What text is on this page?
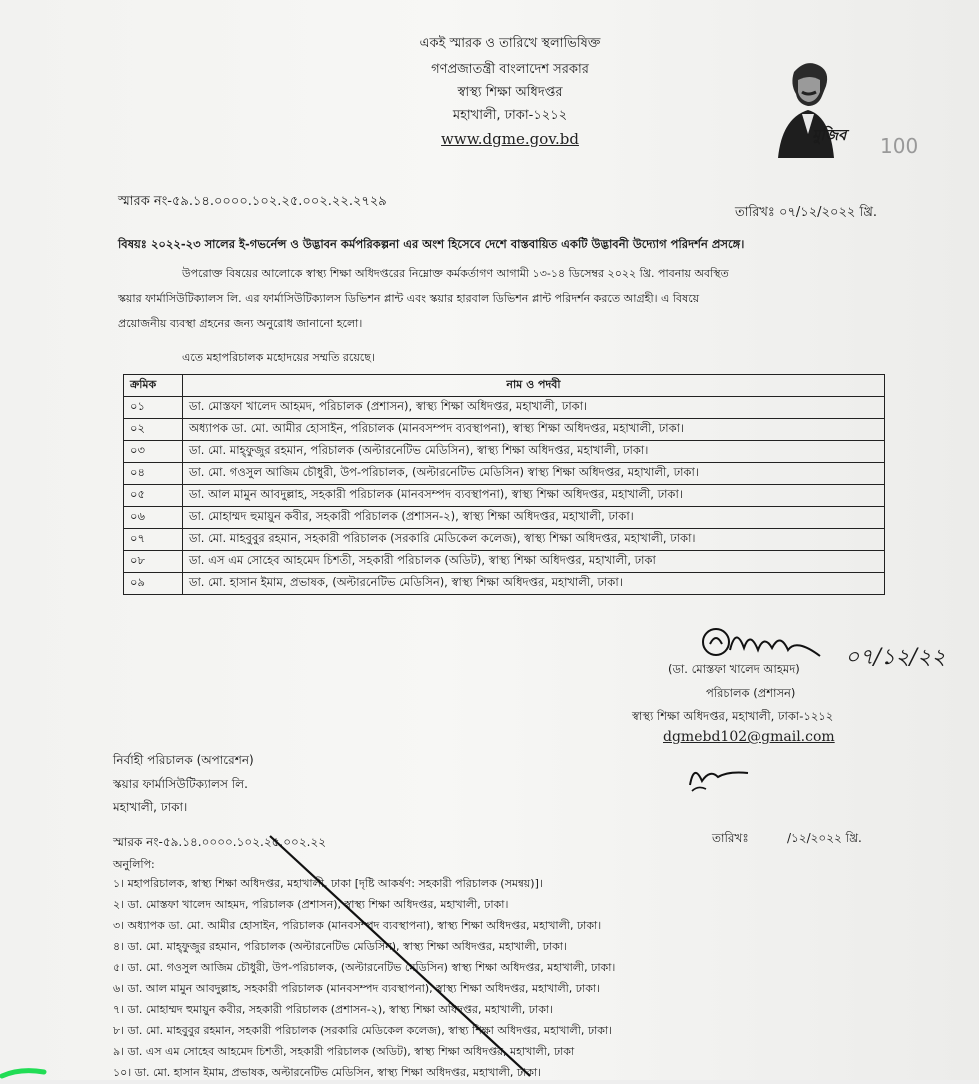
একই স্মারক ও তারিখে স্থলাভিষিক্ত
গণপ্রজাতন্ত্রী বাংলাদেশ সরকার
স্বাস্থ্য শিক্ষা অধিদপ্তর
মহাখালী, ঢাকা-১২১২
www.dgme.gov.bd	মুজিব 100
স্মারক নং-৫৯.১৪.০০০০.১০২.২৫.০০২.২২.২৭২৯
তারিখঃ ০৭/১২/২০২২ খ্রি.
বিষয়ঃ ২০২২-২৩ সালের ই-গভর্নেন্স ও উদ্ভাবন কর্মপরিকল্পনা এর অংশ হিসেবে দেশে বাস্তবায়িত একটি উদ্ভাবনী উদ্যোগ পরিদর্শন প্রসঙ্গে।
উপরোক্ত বিষয়ের আলোকে স্বাস্থ্য শিক্ষা অধিদপ্তরের নিম্নোক্ত কর্মকর্তাগণ আগামী ১৩-১৪ ডিসেম্বর ২০২২ খ্রি. পাবনায় অবস্থিত
স্কয়ার ফার্মাসিউটিক্যালস লি. এর ফার্মাসিউটিক্যালস ডিভিশন প্লান্ট এবং স্কয়ার হারবাল ডিভিশন প্লান্ট পরিদর্শন করতে আগ্রহী। এ বিষয়ে
প্রয়োজনীয় ব্যবস্থা গ্রহনের জন্য অনুরোধ জানানো হলো।
এতে মহাপরিচালক মহোদয়ের সম্মতি রয়েছে।
ক্রমিক	নাম ও পদবী
০১	ডা. মোস্তফা খালেদ আহমদ, পরিচালক (প্রশাসন), স্বাস্থ্য শিক্ষা অধিদপ্তর, মহাখালী, ঢাকা।
০২	অধ্যাপক ডা. মো. আমীর হোসাইন, পরিচালক (মানবসম্পদ ব্যবস্থাপনা), স্বাস্থ্য শিক্ষা অধিদপ্তর, মহাখালী, ঢাকা।
০৩	ডা. মো. মাহ্ফুজুর রহমান, পরিচালক (অল্টারনেটিভ মেডিসিন), স্বাস্থ্য শিক্ষা অধিদপ্তর, মহাখালী, ঢাকা।
০৪	ডা. মো. গওসুল আজিম চৌধুরী, উপ-পরিচালক, (অল্টারনেটিভ মেডিসিন) স্বাস্থ্য শিক্ষা অধিদপ্তর, মহাখালী, ঢাকা।
০৫	ডা. আল মামুন আবদুল্লাহ, সহকারী পরিচালক (মানবসম্পদ ব্যবস্থাপনা), স্বাস্থ্য শিক্ষা অধিদপ্তর, মহাখালী, ঢাকা।
০৬	ডা. মোহাম্মদ হুমায়ুন কবীর, সহকারী পরিচালক (প্রশাসন-২), স্বাস্থ্য শিক্ষা অধিদপ্তর, মহাখালী, ঢাকা।
০৭	ডা. মো. মাহবুবুর রহমান, সহকারী পরিচালক (সরকারি মেডিকেল কলেজ), স্বাস্থ্য শিক্ষা অধিদপ্তর, মহাখালী, ঢাকা।
০৮	ডা. এস এম সোহেব আহমেদ চিশতী, সহকারী পরিচালক (অডিট), স্বাস্থ্য শিক্ষা অধিদপ্তর, মহাখালী, ঢাকা
০৯	ডা. মো. হাসান ইমাম, প্রভাষক, (অল্টারনেটিভ মেডিসিন), স্বাস্থ্য শিক্ষা অধিদপ্তর, মহাখালী, ঢাকা।
০৭/১২/২২
(ডা. মোস্তফা খালেদ আহমদ)
পরিচালক (প্রশাসন)
স্বাস্থ্য শিক্ষা অধিদপ্তর, মহাখালী, ঢাকা-১২১২
dgmebd102@gmail.com
নির্বাহী পরিচালক (অপারেশন)
স্কয়ার ফার্মাসিউটিক্যালস লি.
মহাখালী, ঢাকা।
স্মারক নং-৫৯.১৪.০০০০.১০২.২৫.০০২.২২	তারিখঃ          /১২/২০২২ খ্রি.
অনুলিপি:
১। মহাপরিচালক, স্বাস্থ্য শিক্ষা অধিদপ্তর, মহাখালী, ঢাকা [দৃষ্টি আকর্ষণ: সহকারী পরিচালক (সমন্বয়)]।
২। ডা. মোস্তফা খালেদ আহমদ, পরিচালক (প্রশাসন), স্বাস্থ্য শিক্ষা অধিদপ্তর, মহাখালী, ঢাকা।
৩। অধ্যাপক ডা. মো. আমীর হোসাইন, পরিচালক (মানবসম্পদ ব্যবস্থাপনা), স্বাস্থ্য শিক্ষা অধিদপ্তর, মহাখালী, ঢাকা।
৪। ডা. মো. মাহ্ফুজুর রহমান, পরিচালক (অল্টারনেটিভ মেডিসিন), স্বাস্থ্য শিক্ষা অধিদপ্তর, মহাখালী, ঢাকা।
৫। ডা. মো. গওসুল আজিম চৌধুরী, উপ-পরিচালক, (অল্টারনেটিভ মেডিসিন) স্বাস্থ্য শিক্ষা অধিদপ্তর, মহাখালী, ঢাকা।
৬। ডা. আল মামুন আবদুল্লাহ, সহকারী পরিচালক (মানবসম্পদ ব্যবস্থাপনা), স্বাস্থ্য শিক্ষা অধিদপ্তর, মহাখালী, ঢাকা।
৭। ডা. মোহাম্মদ হুমায়ুন কবীর, সহকারী পরিচালক (প্রশাসন-২), স্বাস্থ্য শিক্ষা অধিদপ্তর, মহাখালী, ঢাকা।
৮। ডা. মো. মাহবুবুর রহমান, সহকারী পরিচালক (সরকারি মেডিকেল কলেজ), স্বাস্থ্য শিক্ষা অধিদপ্তর, মহাখালী, ঢাকা।
৯। ডা. এস এম সোহেব আহমেদ চিশতী, সহকারী পরিচালক (অডিট), স্বাস্থ্য শিক্ষা অধিদপ্তর, মহাখালী, ঢাকা
১০। ডা. মো. হাসান ইমাম, প্রভাষক, অল্টারনেটিভ মেডিসিন, স্বাস্থ্য শিক্ষা অধিদপ্তর, মহাখালী, ঢাকা।
